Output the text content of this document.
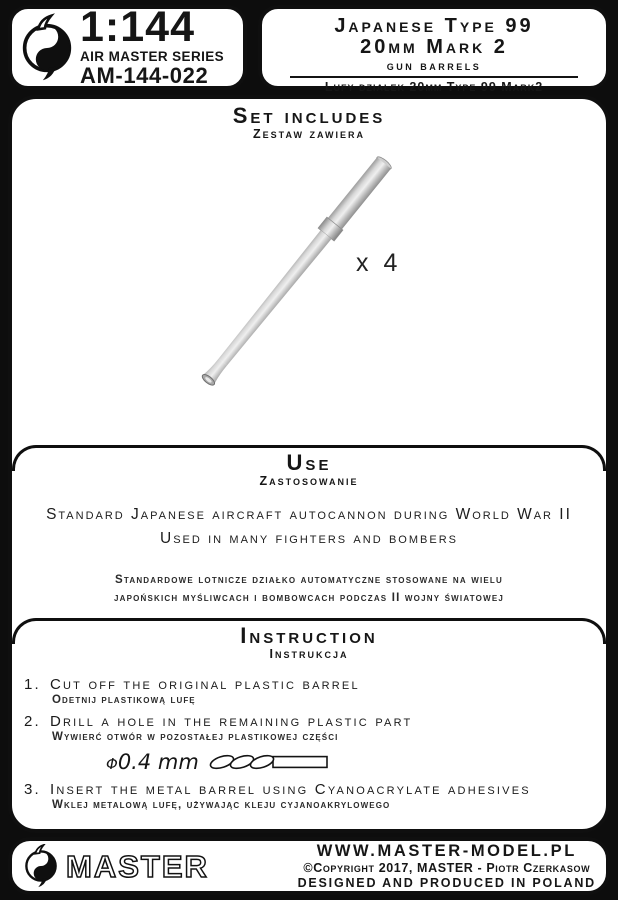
1:144
AIR MASTER SERIES
AM-144-022
Japanese Type 99
20mm Mark 2
gun barrels
Lufy działek 20mm Type 99 Mark2
Set includes
Zestaw zawiera
x 4
Use
Zastosowanie
Standard Japanese aircraft autocannon during World War II
Used in many fighters and bombers
Standardowe lotnicze działko automatyczne stosowane na wielu
japońskich myśliwcach i bombowcach podczas II wojny światowej
Instruction
Instrukcja
1. Cut off the original plastic barrel
Odetnij plastikową lufę
2. Drill a hole in the remaining plastic part
Wywierć otwór w pozostałej plastikowej części
Φ0.4 mm
3. Insert the metal barrel using Cyanoacrylate adhesives
Wklej metalową lufę, używając kleju cyjanoakrylowego
MASTER	WWW.MASTER-MODEL.PL
©Copyright 2017, MASTER - Piotr Czerkasow
DESIGNED AND PRODUCED IN POLAND
